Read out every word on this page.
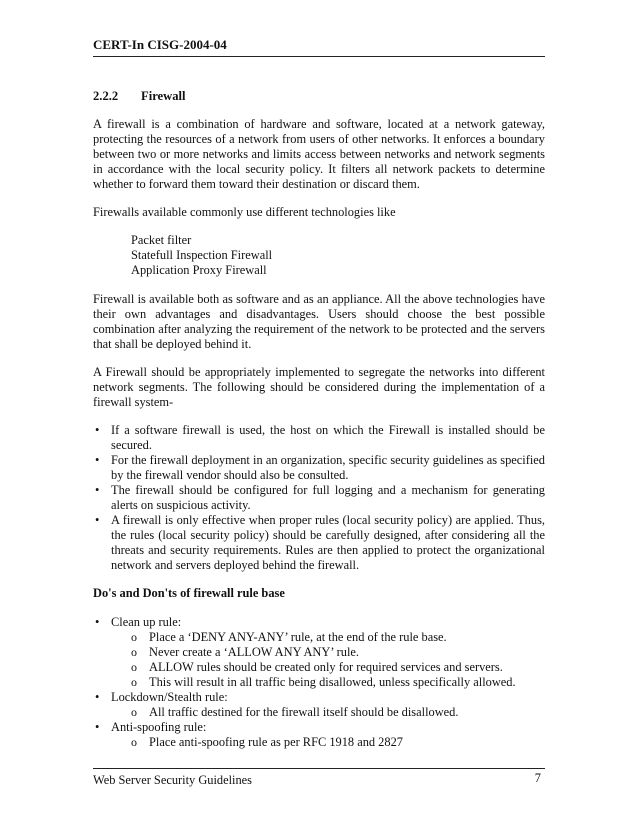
CERT-In CISG-2004-04
2.2.2 Firewall

A firewall is a combination of hardware and software, located at a network gateway, protecting the resources of a network from users of other networks. It enforces a boundary between two or more networks and limits access between networks and network segments in accordance with the local security policy. It filters all network packets to determine whether to forward them toward their destination or discard them.

Firewalls available commonly use different technologies like

Packet filter
Statefull Inspection Firewall
Application Proxy Firewall

Firewall is available both as software and as an appliance. All the above technologies have their own advantages and disadvantages. Users should choose the best possible combination after analyzing the requirement of the network to be protected and the servers that shall be deployed behind it.

A Firewall should be appropriately implemented to segregate the networks into different network segments. The following should be considered during the implementation of a firewall system-

• If a software firewall is used, the host on which the Firewall is installed should be secured.
• For the firewall deployment in an organization, specific security guidelines as specified by the firewall vendor should also be consulted.
• The firewall should be configured for full logging and a mechanism for generating alerts on suspicious activity.
• A firewall is only effective when proper rules (local security policy) are applied. Thus, the rules (local security policy) should be carefully designed, after considering all the threats and security requirements. Rules are then applied to protect the organizational network and servers deployed behind the firewall.
Do's and Don'ts of firewall rule base
• Clean up rule:
o Place a ‘DENY ANY-ANY’ rule, at the end of the rule base.
o Never create a ‘ALLOW ANY ANY’ rule.
o ALLOW rules should be created only for required services and servers.
o This will result in all traffic being disallowed, unless specifically allowed.
• Lockdown/Stealth rule:
o All traffic destined for the firewall itself should be disallowed.
• Anti-spoofing rule:
o Place anti-spoofing rule as per RFC 1918 and 2827
Web Server Security Guidelines	7
